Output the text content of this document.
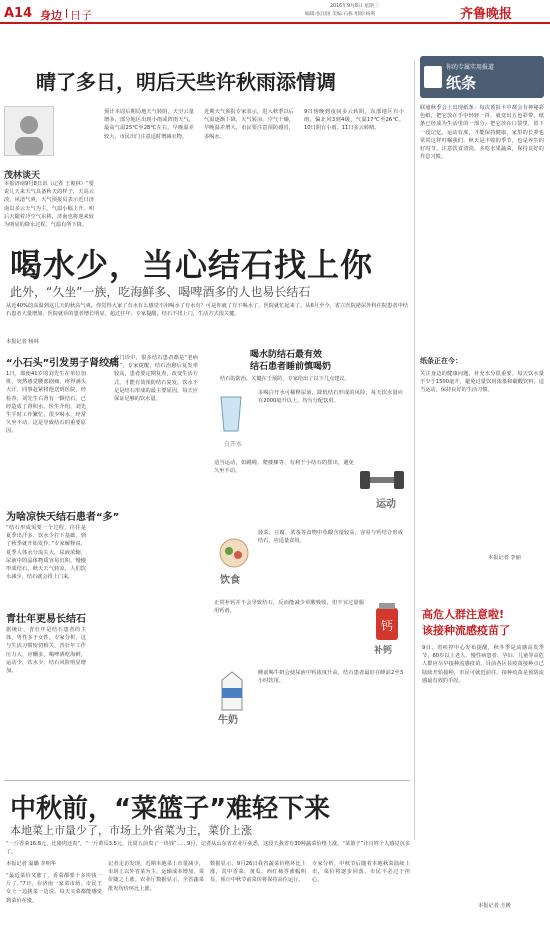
A14 身边 日子
2016年9月8日 星期三
编辑:张国国 美编:石栋 组版:杨利	齐鲁晚报
晴了多日，明后天些许秋雨添情调
茂林谈天
本报济南9月8日讯（记者 王俊林）“要说几天来天气具备秋天的样子，天高云淡，风清气爽，天气预报员表示近日济南以多云天气为主，气温小幅上升。明后天随着冷空气东移，济南也将迎来较为明显的降水过程，气温有所下降。
预计本周后期局地天气转阴，天空云量增多，部分地区出现小雨或阵雨天气，最高气温25℃至28℃左右，早晚温差较大，市民出门注意适时增减衣物。
近期天气预报专家表示，进入秋季以后气温逐渐下降，天气转凉，空气干燥，早晚温差增大，市民要注意预防感冒，多喝水。
9日傍晚到夜间多云转阴，东部地区有小雨，偏北风3到4级，气温17℃至26℃。10日阴有小雨，11日多云转晴。
你的专属实用报道
纸条
联通秋季会上出现纸条：每次预报卡中都会有神秘彩色纸，把它放在手中轻轻一抖，就变出五色彩带。纸条已经成为生活里的一部分，把它放在口袋里，留下一段记忆。运动有度，才能保持健康，家里的长辈也常常这样叮嘱我们。秋天是丰收的季节，也是养生的好时节，注意饮食清淡，多吃水果蔬菜，保持良好的作息习惯。
纸条正在今：
关注身边的健康问题，补充水分很重要。每天饮水量不少于1500毫升，避免过量饮用浓茶和碳酸饮料，适当运动，保持良好的生活习惯。
本报记者 李丽
喝水少，当心结石找上你
此外，“久坐”一族，吃海鲜多、喝啤酒多的人也易长结石
从近40%的高温到这几天的秋高气爽，你觉得大家了有水有么感觉不用喝水了有水有？可是你就了有不喝水了，医院就忙起来了。从6月至今，省立医院泌尿外科住院患者中结石患者大量增加，医院就诊的患者增长明显，超过往年，专家提醒，结石不找上门，生活方式很关键。
本报记者 杨林
“小石头”引发男子肾绞痛
1日，即使41岁的刘先生在单位加班，突然感觉腰部剧痛，疼得满头大汗，同事赶紧将他送到医院。经检查，刘先生右肾有一颗结石，已经造成了肾积水。医生介绍，刘先生平时工作繁忙，很少喝水，经常久坐不动，这是导致结石的重要原因。
为啥凉快天结石患者“多”
“结石形成需要一个过程，往往是夏季出汗多、饮水少打下基础，到了秋季就开始发作。”专家解释说，夏季人体水分流失大，尿液浓缩，尿液中的晶体物质容易沉积，慢慢形成结石，秋天天气转凉，人们饮水减少，结石就会找上门来。
青壮年更易长结石
据统计，青壮年是结石患者的主体，男性多于女性。专家分析，这与生活习惯密切相关，青壮年工作压力大，应酬多，喝啤酒吃海鲜，运动少，饮水少，结石风险明显增加。
在门诊中，很多结石患者都是“老病号”，专家提醒，结石治愈后复发率较高，患者要定期复查，改变生活方式，才能有效预防结石复发。饮水不足是结石形成的最主要原因，每天应保证足够的饮水量。
喝水防结石最有效
结石患者睡前慎喝奶
结石的防治，关键在于预防，专家给出了以下几点建议。
多喝白开水可稀释尿液，降低结石形成的风险，每天饮水量应在2000毫升以上，均匀分配饮用。
白开水
适当运动，如跳绳、爬楼梯等，有利于小结石的排出，避免久坐不动。
运动
饮食
菠菜、豆腐、浓茶等食物中草酸含量较高，容易与钙结合形成结石，应适量食用。
正常补钙并不会导致结石，反而能减少草酸吸收，但不宜过量服用钙剂。
钙
补钙
牛奶
睡前喝牛奶会使尿液中钙浓度升高，结石患者最好在睡前2至3小时饮用。
高危人群注意啦!
该接种流感疫苗了
9日，省疾控中心发布提醒，秋冬季是流感高发季节，60岁以上老人、慢性病患者、孕妇、儿童等高危人群应尽早接种流感疫苗。目前各区县疫苗接种点已陆续开始接种，市民可就近前往。接种疫苗是预防流感最有效的手段。
本报记者 王媛
中秋前，“菜篮子”难轻下来
本地菜上市量少了，市场上外省菜为主，菜价上涨
“一斤香菜16.8元，比猪肉还贵”，“一斤黄瓜3.5元，比周五前贵了一块钱”……9月，记者从山东省农业厅获悉，这段天我省有30种蔬菜价格上涨，“菜篮子”让百姓个人感觉沉多了。
本报记者 温璐 李明华
“最近菜价又涨了，香菜都要十多块钱一斤了。”7日，在济南一家菜市场，市民王女士一边挑菜一边说，每天买菜都能感觉到菜价在涨。
记者走访发现，近期本地菜上市量减少，市场上以外省菜为主，运输成本增加，菜价随之上涨。农业厅数据显示，全省蔬菜批发均价环比上涨。
数据显示，9月26日我省蔬菜价格环比上涨，其中香菜、黄瓜、西红柿等涨幅明显，预计中秋节前菜价将保持高位运行。
专家分析，中秋节后随着本地秋菜陆续上市，菜价将逐步回落，市民不必过于担心。
